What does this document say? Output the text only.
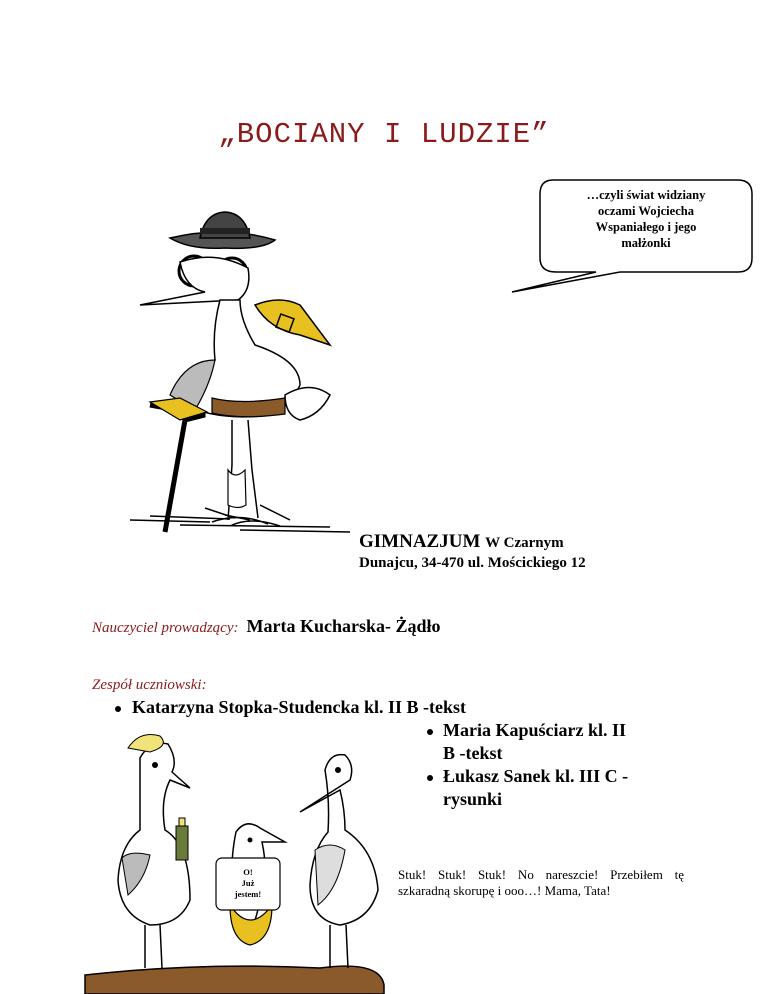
„BOCIANY I LUDZIE”
…czyli świat widziany
oczami Wojciecha
Wspaniałego i jego
małżonki
GIMNAZJUM W Czarnym
Dunajcu, 34-470 ul. Mościckiego 12
Nauczyciel prowadzący: Marta Kucharska- Żądło
Zespół uczniowski:
Katarzyna Stopka-Studencka kl. II B -tekst
Maria Kapuściarz kl. II
B -tekst
Łukasz Sanek kl. III C -
rysunki
O!
Już
jestem!
Stuk! Stuk! Stuk! No nareszcie! Przebiłem tę szkaradną skorupę i ooo…! Mama, Tata!
